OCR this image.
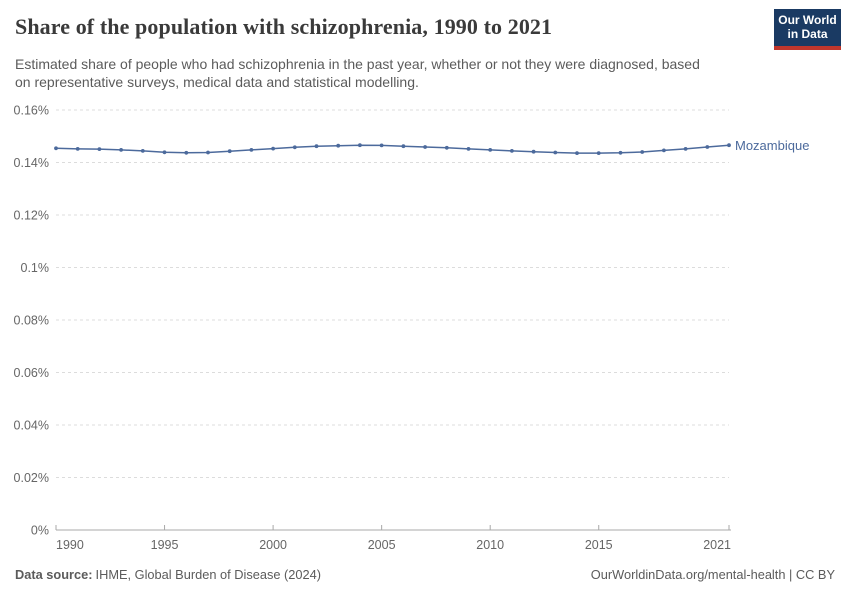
Share of the population with schizophrenia, 1990 to 2021	Our World
in Data

Estimated share of people who had schizophrenia in the past year, whether or not they were diagnosed, based
on representative surveys, medical data and statistical modelling.

0%
0.02%
0.04%
0.06%
0.08%
0.1%
0.12%
0.14%
0.16%
1990	1995	2000	2005	2010	2015	2021
Mozambique
Data source: IHME, Global Burden of Disease (2024)	OurWorldinData.org/mental-health | CC BY
